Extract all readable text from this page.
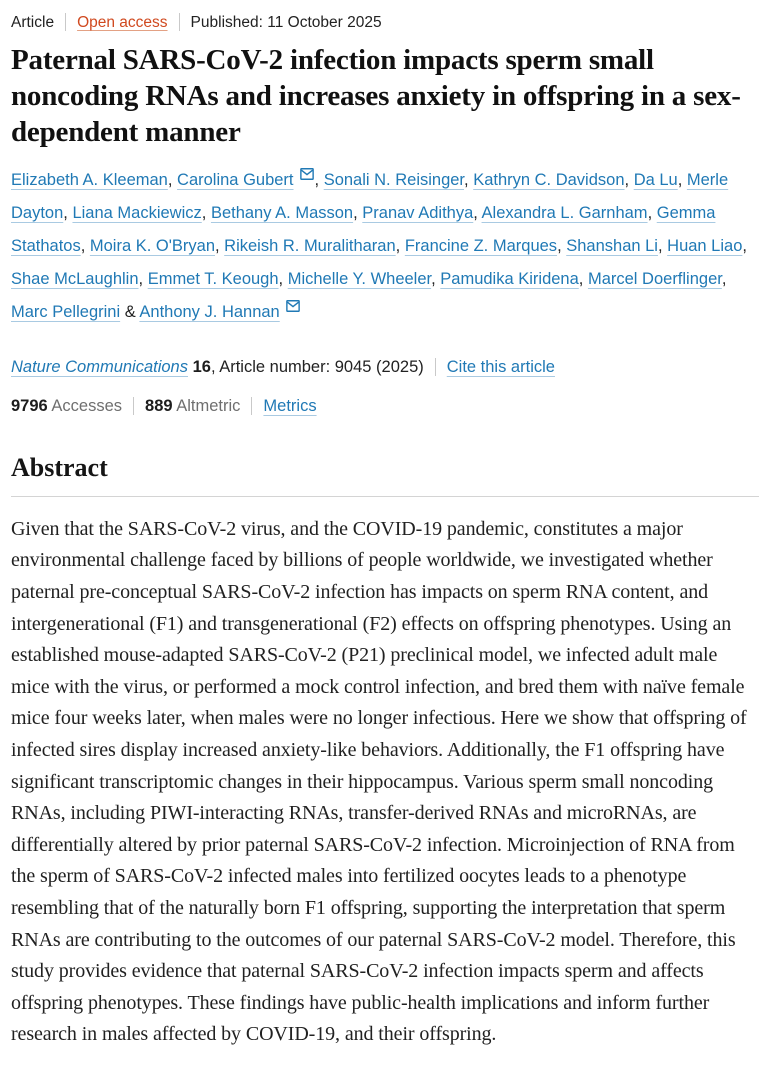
Article Open access Published: 11 October 2025
Paternal SARS-CoV-2 infection impacts sperm small noncoding RNAs and increases anxiety in offspring in a sex-dependent manner

Elizabeth A. Kleeman, Carolina Gubert , Sonali N. Reisinger, Kathryn C. Davidson, Da Lu, Merle Dayton, Liana Mackiewicz, Bethany A. Masson, Pranav Adithya, Alexandra L. Garnham, Gemma Stathatos, Moira K. O'Bryan, Rikeish R. Muralitharan, Francine Z. Marques, Shanshan Li, Huan Liao, Shae McLaughlin, Emmet T. Keough, Michelle Y. Wheeler, Pamudika Kiridena, Marcel Doerflinger, Marc Pellegrini & Anthony J. Hannan

Nature Communications 16, Article number: 9045 (2025) Cite this article
9796 Accesses 889 Altmetric Metrics
Abstract

Given that the SARS-CoV-2 virus, and the COVID-19 pandemic, constitutes a major environmental challenge faced by billions of people worldwide, we investigated whether paternal pre-conceptual SARS-CoV-2 infection has impacts on sperm RNA content, and intergenerational (F1) and transgenerational (F2) effects on offspring phenotypes. Using an established mouse-adapted SARS-CoV-2 (P21) preclinical model, we infected adult male mice with the virus, or performed a mock control infection, and bred them with naïve female mice four weeks later, when males were no longer infectious. Here we show that offspring of infected sires display increased anxiety-like behaviors. Additionally, the F1 offspring have significant transcriptomic changes in their hippocampus. Various sperm small noncoding RNAs, including PIWI-interacting RNAs, transfer-derived RNAs and microRNAs, are differentially altered by prior paternal SARS-CoV-2 infection. Microinjection of RNA from the sperm of SARS-CoV-2 infected males into fertilized oocytes leads to a phenotype resembling that of the naturally born F1 offspring, supporting the interpretation that sperm RNAs are contributing to the outcomes of our paternal SARS-CoV-2 model. Therefore, this study provides evidence that paternal SARS-CoV-2 infection impacts sperm and affects offspring phenotypes. These findings have public-health implications and inform further research in males affected by COVID-19, and their offspring.
